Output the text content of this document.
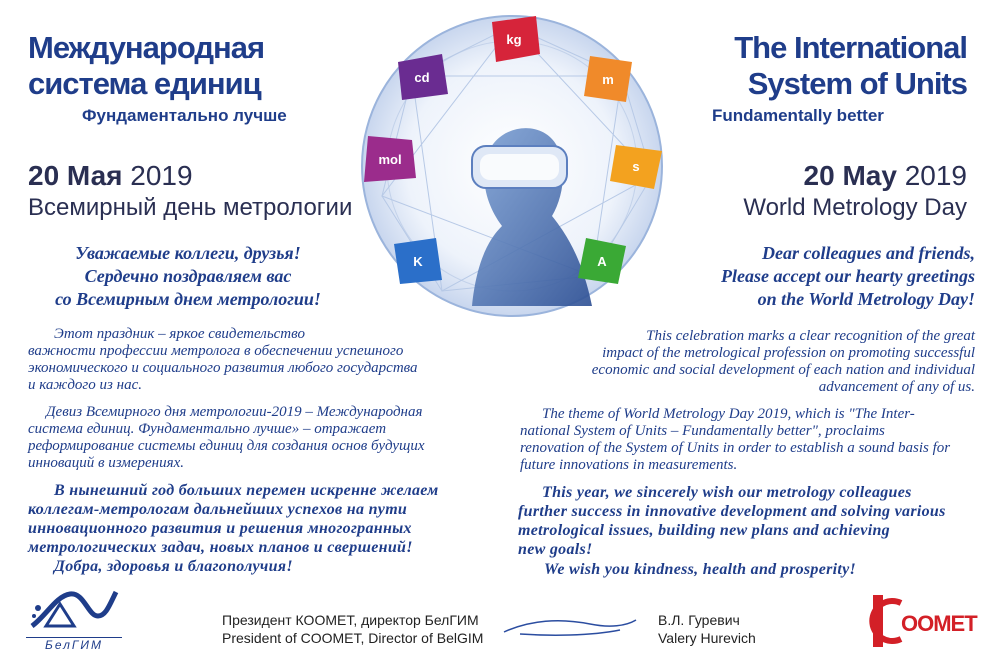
Международная
система единиц
Фундаментально лучше
20 Мая 2019
Всемирный день метрологии
Уважаемые коллеги, друзья!
Сердечно поздравляем вас
со Всемирным днем метрологии!
Этот праздник – яркое свидетельство
важности профессии метролога в обеспечении успешного
экономического и социального развития любого государства
и каждого из нас.
Девиз Всемирного дня метрологии-2019 – Международная
система единиц. Фундаментально лучше» – отражает
реформирование системы единиц для создания основ будущих
инноваций в измерениях.
В нынешний год больших перемен искренне желаем
коллегам-метрологам дальнейших успехов на пути
инновационного развития и решения многогранных
метрологических задач, новых планов и свершений!
Добра, здоровья и благополучия!
The International
System of Units
Fundamentally better
20 May 2019
World Metrology Day
Dear colleagues and friends,
Please accept our hearty greetings
on the World Metrology Day!
This celebration marks a clear recognition of the great
impact of the metrological profession on promoting successful
economic and social development of each nation and individual
advancement of any of us.
The theme of World Metrology Day 2019, which is "The Inter-
national System of Units – Fundamentally better", proclaims
renovation of the System of Units in order to establish a sound basis for
future innovations in measurements.
This year, we sincerely wish our metrology colleagues
further success in innovative development and solving various
metrological issues, building new plans and achieving
new goals!
We wish you kindness, health and prosperity!
kg
m
s
A
K
mol
cd
БелГИМ
Президент КООМЕТ, директор БелГИМ
President of COOMET, Director of BelGIM
В.Л. Гуревич
Valery Hurevich
OOMET
